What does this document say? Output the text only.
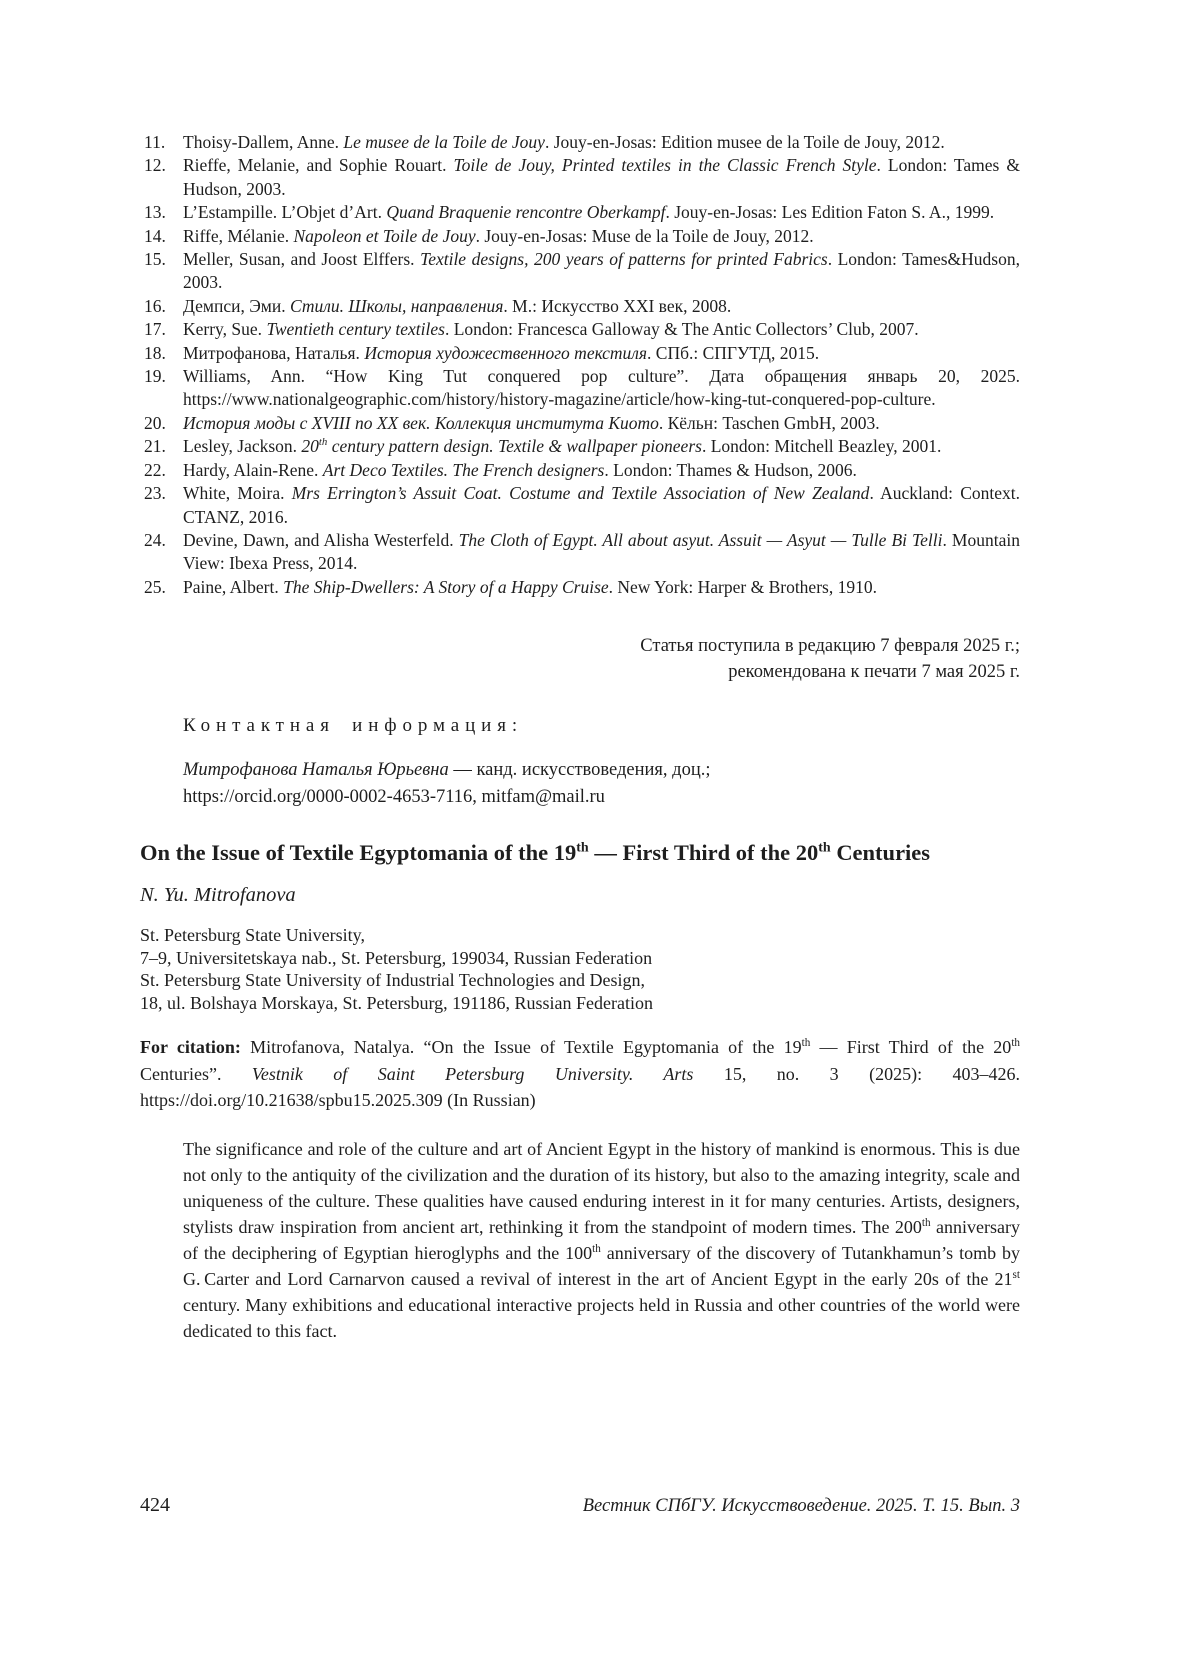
11.	Thoisy-Dallem, Anne. Le musee de la Toile de Jouy. Jouy-en-Josas: Edition musee de la Toile de Jouy, 2012.
12. Rieffe, Melanie, and Sophie Rouart. Toile de Jouy, Printed textiles in the Classic French Style. London: Tames & Hudson, 2003.
13. L’Estampille. L’Objet d’Art. Quand Braquenie rencontre Oberkampf. Jouy-en-Josas: Les Edition Faton S. A., 1999.
14. Riffe, Mélanie. Napoleon et Toile de Jouy. Jouy-en-Josas: Muse de la Toile de Jouy, 2012.
15. Meller, Susan, and Joost Elffers. Textile designs, 200 years of patterns for printed Fabrics. London: Tames&Hudson, 2003.
16. Демпси, Эми. Стили. Школы, направления. М.: Искусство XXI век, 2008.
17. Kerry, Sue. Twentieth century textiles. London: Francesca Galloway & The Antic Collectors’ Club, 2007.
18. Митрофанова, Наталья. История художественного текстиля. СПб.: СПГУТД, 2015.
19. Williams, Ann. “How King Tut conquered pop culture”. Дата обращения январь 20, 2025. https://www.nationalgeographic.com/history/history-magazine/article/how-king-tut-conquered-pop-culture.
20. История моды с XVIII по XX век. Коллекция института Киото. Кёльн: Taschen GmbH, 2003.
21. Lesley, Jackson. 20th century pattern design. Textile & wallpaper pioneers. London: Mitchell Beazley, 2001.
22. Hardy, Alain-Rene. Art Deco Textiles. The French designers. London: Thames & Hudson, 2006.
23. White, Moira. Mrs Errington’s Assuit Coat. Costume and Textile Association of New Zealand. Auckland: Context. CTANZ, 2016.
24. Devine, Dawn, and Alisha Westerfeld. The Cloth of Egypt. All about asyut. Assuit — Asyut — Tulle Bi Telli. Mountain View: Ibexa Press, 2014.
25. Paine, Albert. The Ship-Dwellers: A Story of a Happy Cruise. New York: Harper & Brothers, 1910.
Статья поступила в редакцию 7 февраля 2025 г.;
рекомендована к печати 7 мая 2025 г.
Контактная информация:
Митрофанова Наталья Юрьевна — канд. искусствоведения, доц.;
https://orcid.org/0000-0002-4653-7116, mitfam@mail.ru
On the Issue of Textile Egyptomania of the 19th — First Third of the 20th Centuries
N. Yu. Mitrofanova
St. Petersburg State University,
7–9, Universitetskaya nab., St. Petersburg, 199034, Russian Federation
St. Petersburg State University of Industrial Technologies and Design,
18, ul. Bolshaya Morskaya, St. Petersburg, 191186, Russian Federation

For citation: Mitrofanova, Natalya. “On the Issue of Textile Egyptomania of the 19th — First Third of the 20th Centuries”. Vestnik of Saint Petersburg University. Arts 15, no. 3 (2025): 403–426. https://doi.org/10.21638/spbu15.2025.309 (In Russian)

The significance and role of the culture and art of Ancient Egypt in the history of mankind is enormous. This is due not only to the antiquity of the civilization and the duration of its history, but also to the amazing integrity, scale and uniqueness of the culture. These qualities have caused enduring interest in it for many centuries. Artists, designers, stylists draw inspiration from ancient art, rethinking it from the standpoint of modern times. The 200th anniversary of the deciphering of Egyptian hieroglyphs and the 100th anniversary of the discovery of Tutankhamun’s tomb by G. Carter and Lord Carnarvon caused a revival of interest in the art of Ancient Egypt in the early 20s of the 21st century. Many exhibitions and educational interactive projects held in Russia and other countries of the world were dedicated to this fact.

424	Вестник СПбГУ. Искусствоведение. 2025. Т. 15. Вып. 3
